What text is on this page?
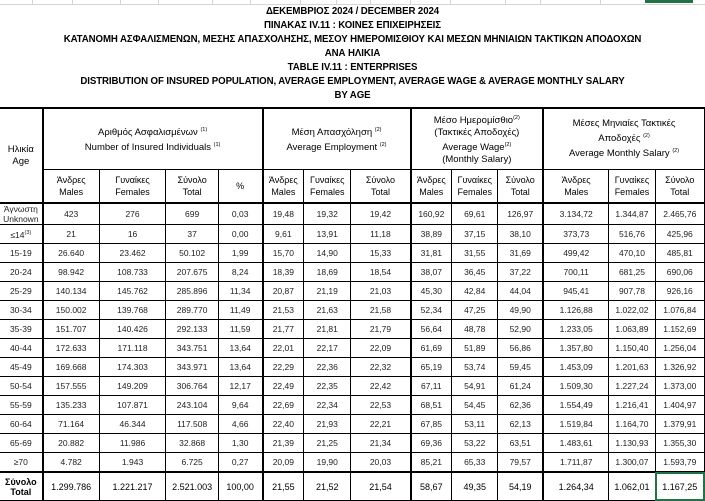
ΔΕΚΕΜΒΡΙΟΣ 2024 / DECEMBER 2024
ΠΙΝΑΚΑΣ IV.11 : ΚΟΙΝΕΣ ΕΠΙΧΕΙΡΗΣΕΙΣ
ΚΑΤΑΝΟΜΗ ΑΣΦΑΛΙΣΜΕΝΩΝ, ΜΕΣΗΣ ΑΠΑΣΧΟΛΗΣΗΣ, ΜΕΣΟΥ ΗΜΕΡΟΜΙΣΘΙΟΥ ΚΑΙ ΜΕΣΩΝ ΜΗΝΙΑΙΩΝ ΤΑΚΤΙΚΩΝ ΑΠΟΔΟΧΩΝ
ΑΝΑ ΗΛΙΚΙΑ
TABLE IV.11 : ENTERPRISES
DISTRIBUTION OF INSURED POPULATION, AVERAGE EMPLOYMENT, AVERAGE WAGE & AVERAGE MONTHLY SALARY
BY AGE
Ηλικία
Age	Αριθμός Ασφαλισμένων $^{(1)}$
Number of Insured Individuals $^{(1)}$				Μέση Απασχόληση $^{(2)}$
Average Employment $^{(2)}$			Μέσο Ημερομίσθιο$^{(2)}$
(Τακτικές Αποδοχές)
Average Wage$^{(2)}$
(Monthly Salary)			Μέσες Μηνιαίες Τακτικές
Αποδοχές $^{(2)}$
Average Monthly Salary $^{(2)}$
	Άνδρες
Males	Γυναίκες
Females	Σύνολο
Total	%	Άνδρες
Males	Γυναίκες
Females	Σύνολο
Total	Άνδρες
Males	Γυναίκες
Females	Σύνολο
Total	Άνδρες
Males	Γυναίκες
Females	Σύνολο
Total
Άγνωστη Unknown	423	276	699	0,03	19,48	19,32	19,42	160,92	69,61	126,97	3.134,72	1.344,87	2.465,76
$\le 14^{(3)}$	21	16	37	0,00	9,61	13,91	11,18	38,89	37,15	38,10	373,73	516,76	425,96
15-19	26.640	23.462	50.102	1,99	15,70	14,90	15,33	31,81	31,55	31,69	499,42	470,10	485,81
20-24	98.942	108.733	207.675	8,24	18,39	18,69	18,54	38,07	36,45	37,22	700,11	681,25	690,06
25-29	140.134	145.762	285.896	11,34	20,87	21,19	21,03	45,30	42,84	44,04	945,41	907,78	926,16
30-34	150.002	139.768	289.770	11,49	21,53	21,63	21,58	52,34	47,25	49,90	1.126,88	1.022,02	1.076,84
35-39	151.707	140.426	292.133	11,59	21,77	21,81	21,79	56,64	48,78	52,90	1.233,05	1.063,89	1.152,69
40-44	172.633	171.118	343.751	13,64	22,01	22,17	22,09	61,69	51,89	56,86	1.357,80	1.150,40	1.256,04
45-49	169.668	174.303	343.971	13,64	22,29	22,36	22,32	65,19	53,74	59,45	1.453,09	1.201,63	1.326,92
50-54	157.555	149.209	306.764	12,17	22,49	22,35	22,42	67,11	54,91	61,24	1.509,30	1.227,24	1.373,00
55-59	135.233	107.871	243.104	9,64	22,69	22,34	22,53	68,51	54,45	62,36	1.554,49	1.216,41	1.404,97
60-64	71.164	46.344	117.508	4,66	22,40	21,93	22,21	67,85	53,11	62,13	1.519,84	1.164,70	1.379,91
65-69	20.882	11.986	32.868	1,30	21,39	21,25	21,34	69,36	53,22	63,51	1.483,61	1.130,93	1.355,30
≥70	4.782	1.943	6.725	0,27	20,09	19,90	20,03	85,21	65,33	79,57	1.711,87	1.300,07	1.593,79
Σύνολο Total	1.299.786	1.221.217	2.521.003	100,00	21,55	21,52	21,54	58,67	49,35	54,19	1.264,34	1.062,01	1.167,25
